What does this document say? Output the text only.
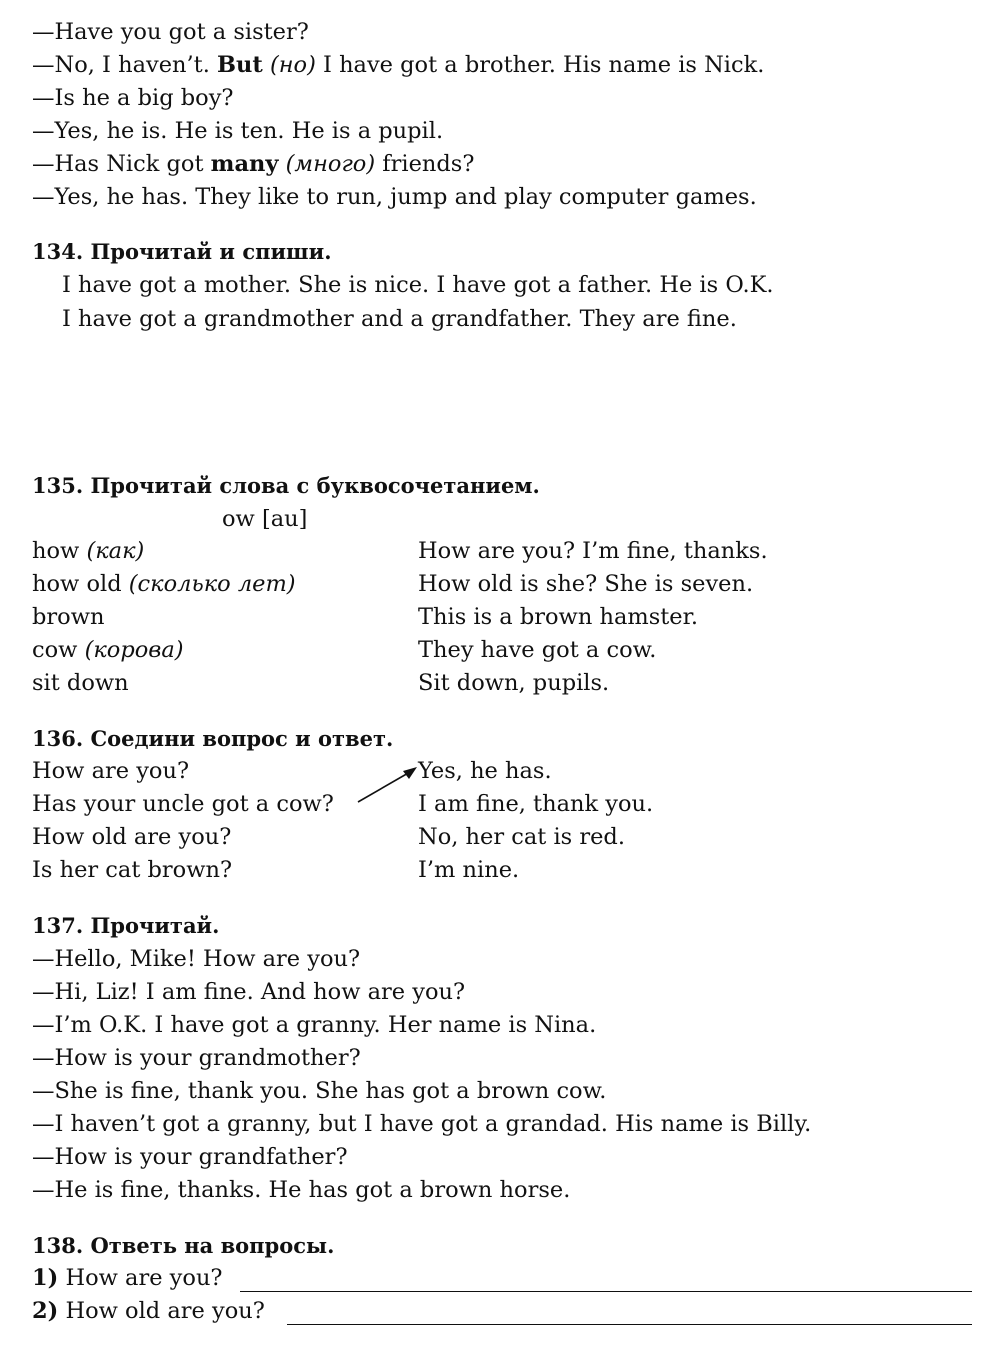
—Have you got a sister?
—No, I haven’t. But (но) I have got a brother. His name is Nick.
—Is he a big boy?
—Yes, he is. He is ten. He is a pupil.
—Has Nick got many (много) friends?
—Yes, he has. They like to run, jump and play computer games.
134. Прочитай и спиши.
I have got a mother. She is nice. I have got a father. He is O.K.
I have got a grandmother and a grandfather. They are fine.
135. Прочитай слова с буквосочетанием.
ow [au]
how (как)
how old (сколько лет)
brown
cow (корова)
sit down
How are you? I’m fine, thanks.
How old is she? She is seven.
This is a brown hamster.
They have got a cow.
Sit down, pupils.
136. Соедини вопрос и ответ.
How are you?
Has your uncle got a cow?
How old are you?
Is her cat brown?
Yes, he has.
I am fine, thank you.
No, her cat is red.
I’m nine.
137. Прочитай.
—Hello, Mike! How are you?
—Hi, Liz! I am fine. And how are you?
—I’m O.K. I have got a granny. Her name is Nina.
—How is your grandmother?
—She is fine, thank you. She has got a brown cow.
—I haven’t got a granny, but I have got a grandad. His name is Billy.
—How is your grandfather?
—He is fine, thanks. He has got a brown horse.
138. Ответь на вопросы.
1) How are you?
2) How old are you?
